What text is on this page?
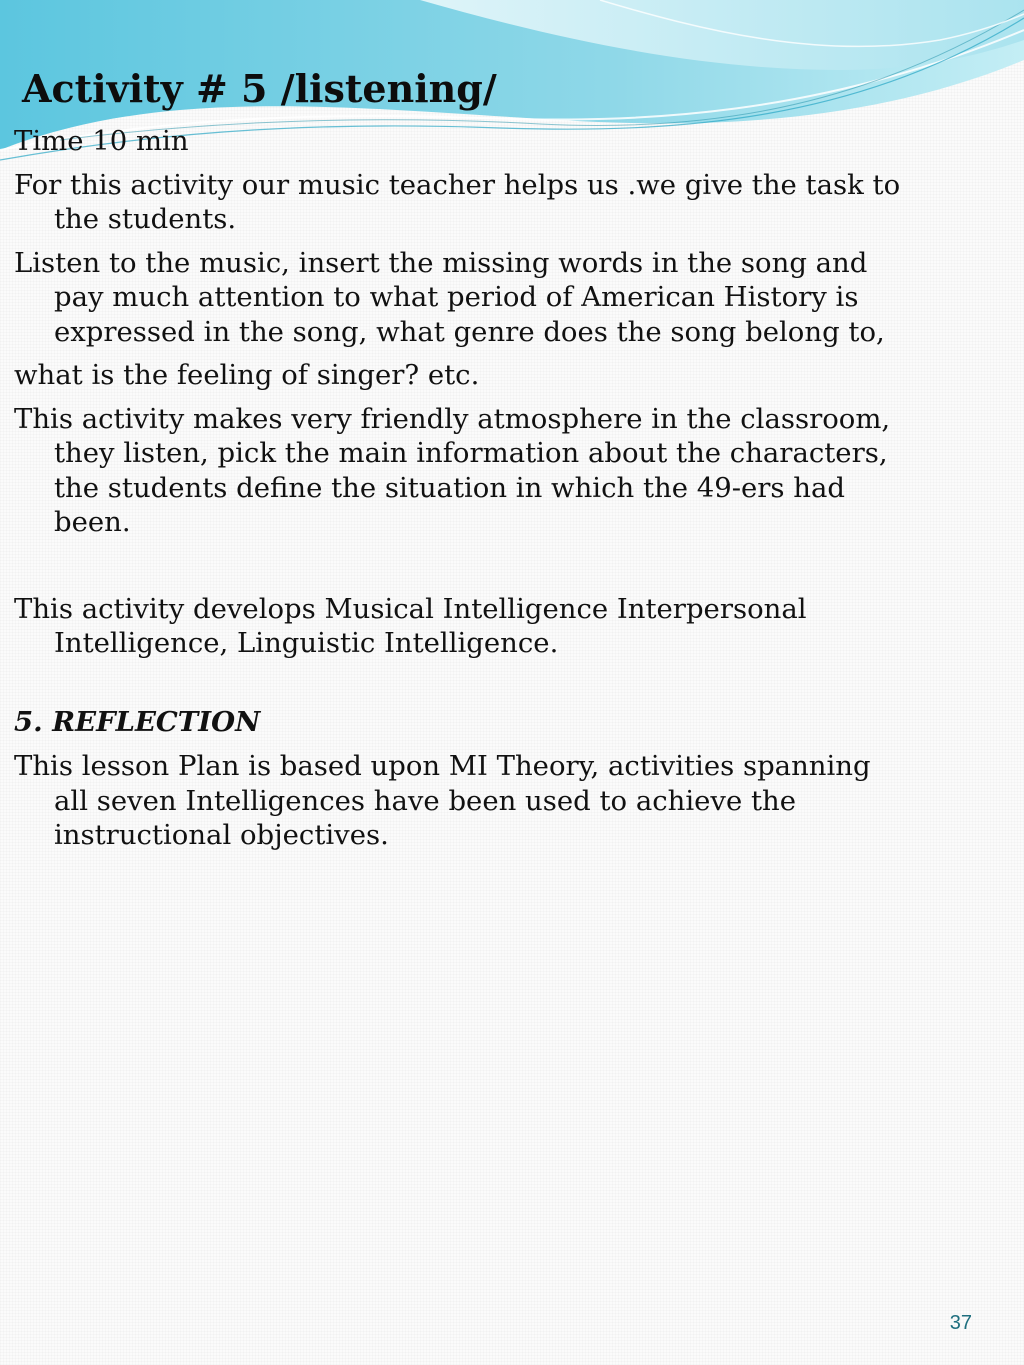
Activity # 5 /listening/

Time 10 min

For this activity our music teacher helps us .we give the task to the students.

Listen to the music, insert the missing words in the song and pay much attention to what period of American History is expressed in the song, what genre does the song belong to,

what is the feeling of singer? etc.

This activity makes very friendly atmosphere in the classroom, they listen, pick the main information about the characters, the students define the situation in which the 49-ers had been.

This activity develops Musical Intelligence Interpersonal Intelligence, Linguistic Intelligence.

5. REFLECTION

This lesson Plan is based upon MI Theory, activities spanning all seven Intelligences have been used to achieve the instructional objectives.

37
